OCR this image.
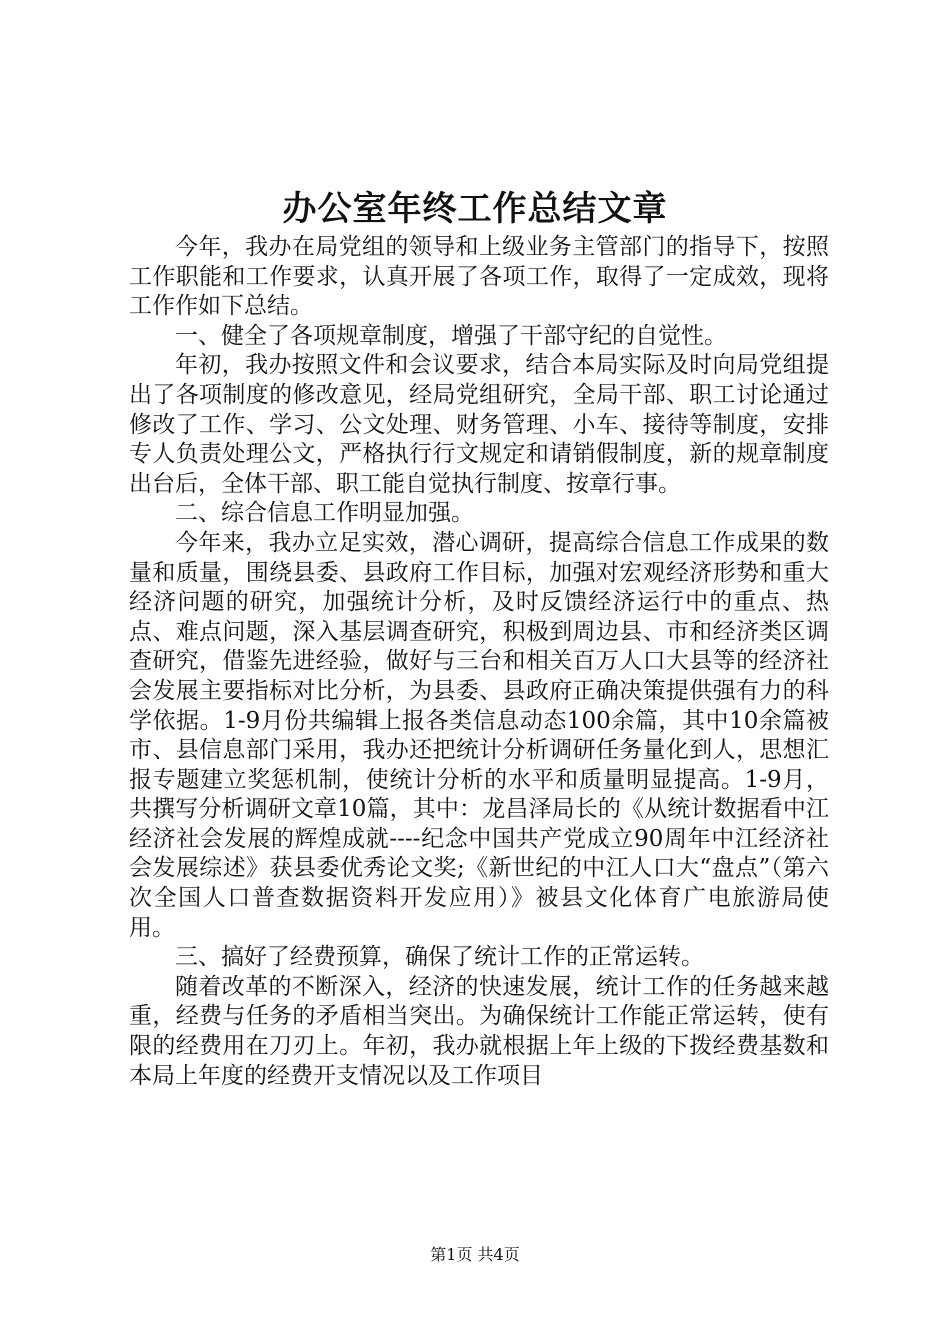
办公室年终工作总结文章

今年，我办在局党组的领导和上级业务主管部门的指导下，按照工作职能和工作要求，认真开展了各项工作，取得了一定成效，现将工作作如下总结。

一、健全了各项规章制度，增强了干部守纪的自觉性。

年初，我办按照文件和会议要求，结合本局实际及时向局党组提出了各项制度的修改意见，经局党组研究，全局干部、职工讨论通过修改了工作、学习、公文处理、财务管理、小车、接待等制度，安排专人负责处理公文，严格执行行文规定和请销假制度，新的规章制度出台后，全体干部、职工能自觉执行制度、按章行事。

二、综合信息工作明显加强。

今年来，我办立足实效，潜心调研，提高综合信息工作成果的数量和质量，围绕县委、县政府工作目标，加强对宏观经济形势和重大经济问题的研究，加强统计分析，及时反馈经济运行中的重点、热点、难点问题，深入基层调查研究，积极到周边县、市和经济类区调查研究，借鉴先进经验，做好与三台和相关百万人口大县等的经济社会发展主要指标对比分析，为县委、县政府正确决策提供强有力的科学依据。1-9月份共编辑上报各类信息动态100余篇，其中10余篇被市、县信息部门采用，我办还把统计分析调研任务量化到人，思想汇报专题建立奖惩机制，使统计分析的水平和质量明显提高。1-9月，共撰写分析调研文章10篇，其中：龙昌泽局长的《从统计数据看中江经济社会发展的辉煌成就----纪念中国共产党成立90周年中江经济社会发展综述》获县委优秀论文奖;《新世纪的中江人口大“盘点”（第六次全国人口普查数据资料开发应用）》被县文化体育广电旅游局使用。

三、搞好了经费预算，确保了统计工作的正常运转。

随着改革的不断深入，经济的快速发展，统计工作的任务越来越重，经费与任务的矛盾相当突出。为确保统计工作能正常运转，使有限的经费用在刀刃上。年初，我办就根据上年上级的下拨经费基数和本局上年度的经费开支情况以及工作项目

第1页 共4页
